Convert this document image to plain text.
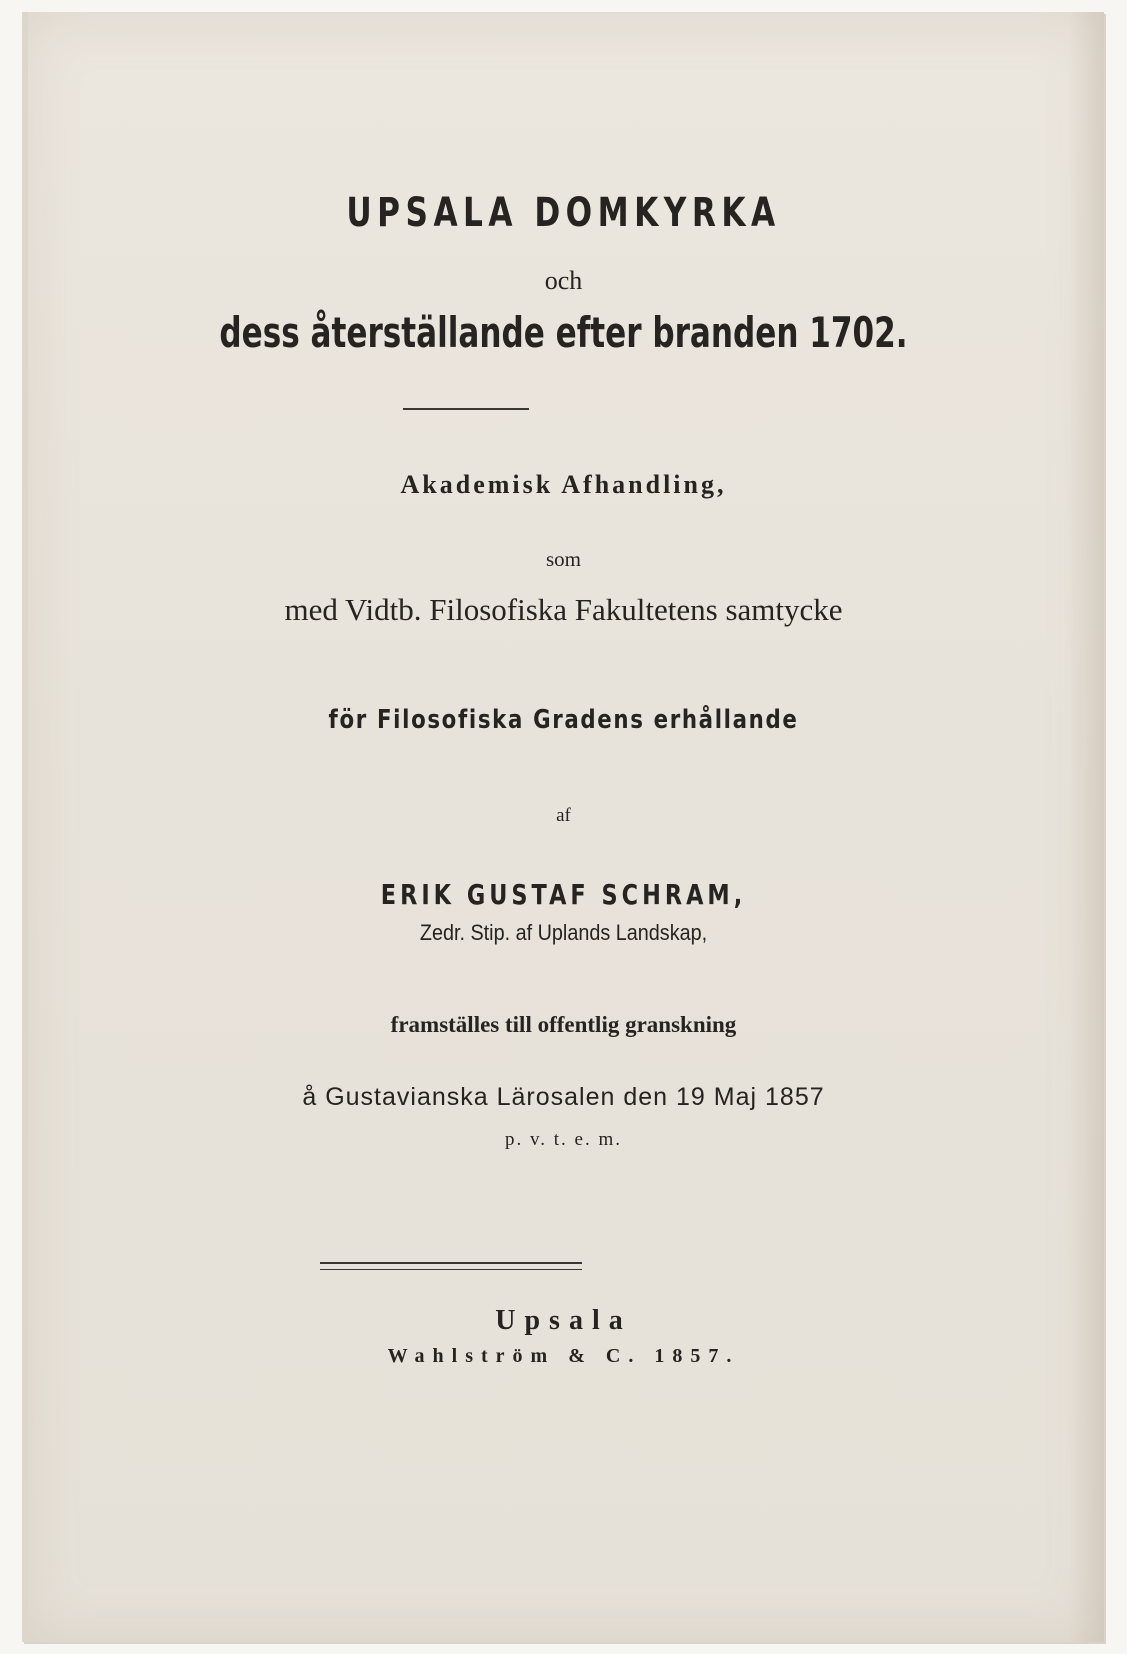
UPSALA DOMKYRKA
och
dess återställande efter branden 1702.
Akademisk Afhandling,
som
med Vidtb. Filosofiska Fakultetens samtycke
för Filosofiska Gradens erhållande
af
ERIK GUSTAF SCHRAM,
Zedr. Stip. af Uplands Landskap,
framställes till offentlig granskning
å Gustavianska Lärosalen den 19 Maj 1857
p. v. t. e. m.
Upsala
Wahlström & C. 1857.
